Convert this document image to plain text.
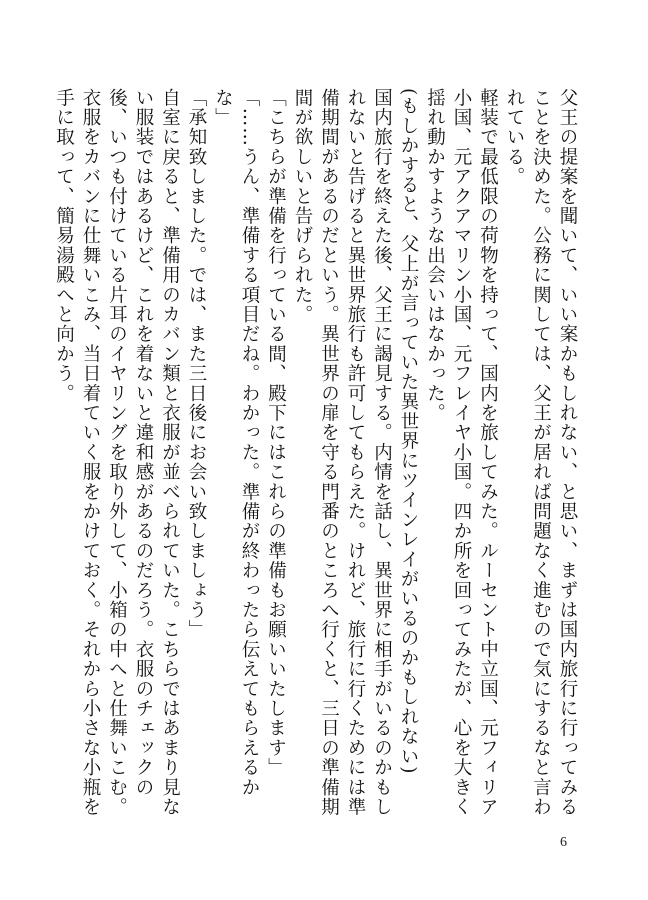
父王の提案を聞いて、いい案かもしれない、と思い、まずは国内旅行に行ってみることを決めた。公務に関しては、父王が居れば問題なく進むので気にするなと言われている。

軽装で最低限の荷物を持って、国内を旅してみた。ルーセント中立国、元フィリア小国、元アクアマリン小国、元フレイヤ小国。四か所を回ってみたが、心を大きく揺れ動かすような出会いはなかった。

(もしかすると、父上が言っていた異世界にツインレイがいるのかもしれない)

国内旅行を終えた後、父王に謁見する。内情を話し、異世界に相手がいるのかもしれないと告げると異世界旅行も許可してもらえた。けれど、旅行に行くためには準備期間があるのだという。異世界の扉を守る門番のところへ行くと、三日の準備期間が欲しいと告げられた。

「こちらが準備を行っている間、殿下にはこれらの準備もお願いいたします」

「……うん、準備する項目だね。わかった。準備が終わったら伝えてもらえるかな」

「承知致しました。では、また三日後にお会い致しましょう」

自室に戻ると、準備用のカバン類と衣服が並べられていた。こちらではあまり見ない服装ではあるけど、これを着ないと違和感があるのだろう。衣服のチェックの後、いつも付けている片耳のイヤリングを取り外して、小箱の中へと仕舞いこむ。

衣服をカバンに仕舞いこみ、当日着ていく服をかけておく。それから小さな小瓶を手に取って、簡易湯殿へと向かう。

6
